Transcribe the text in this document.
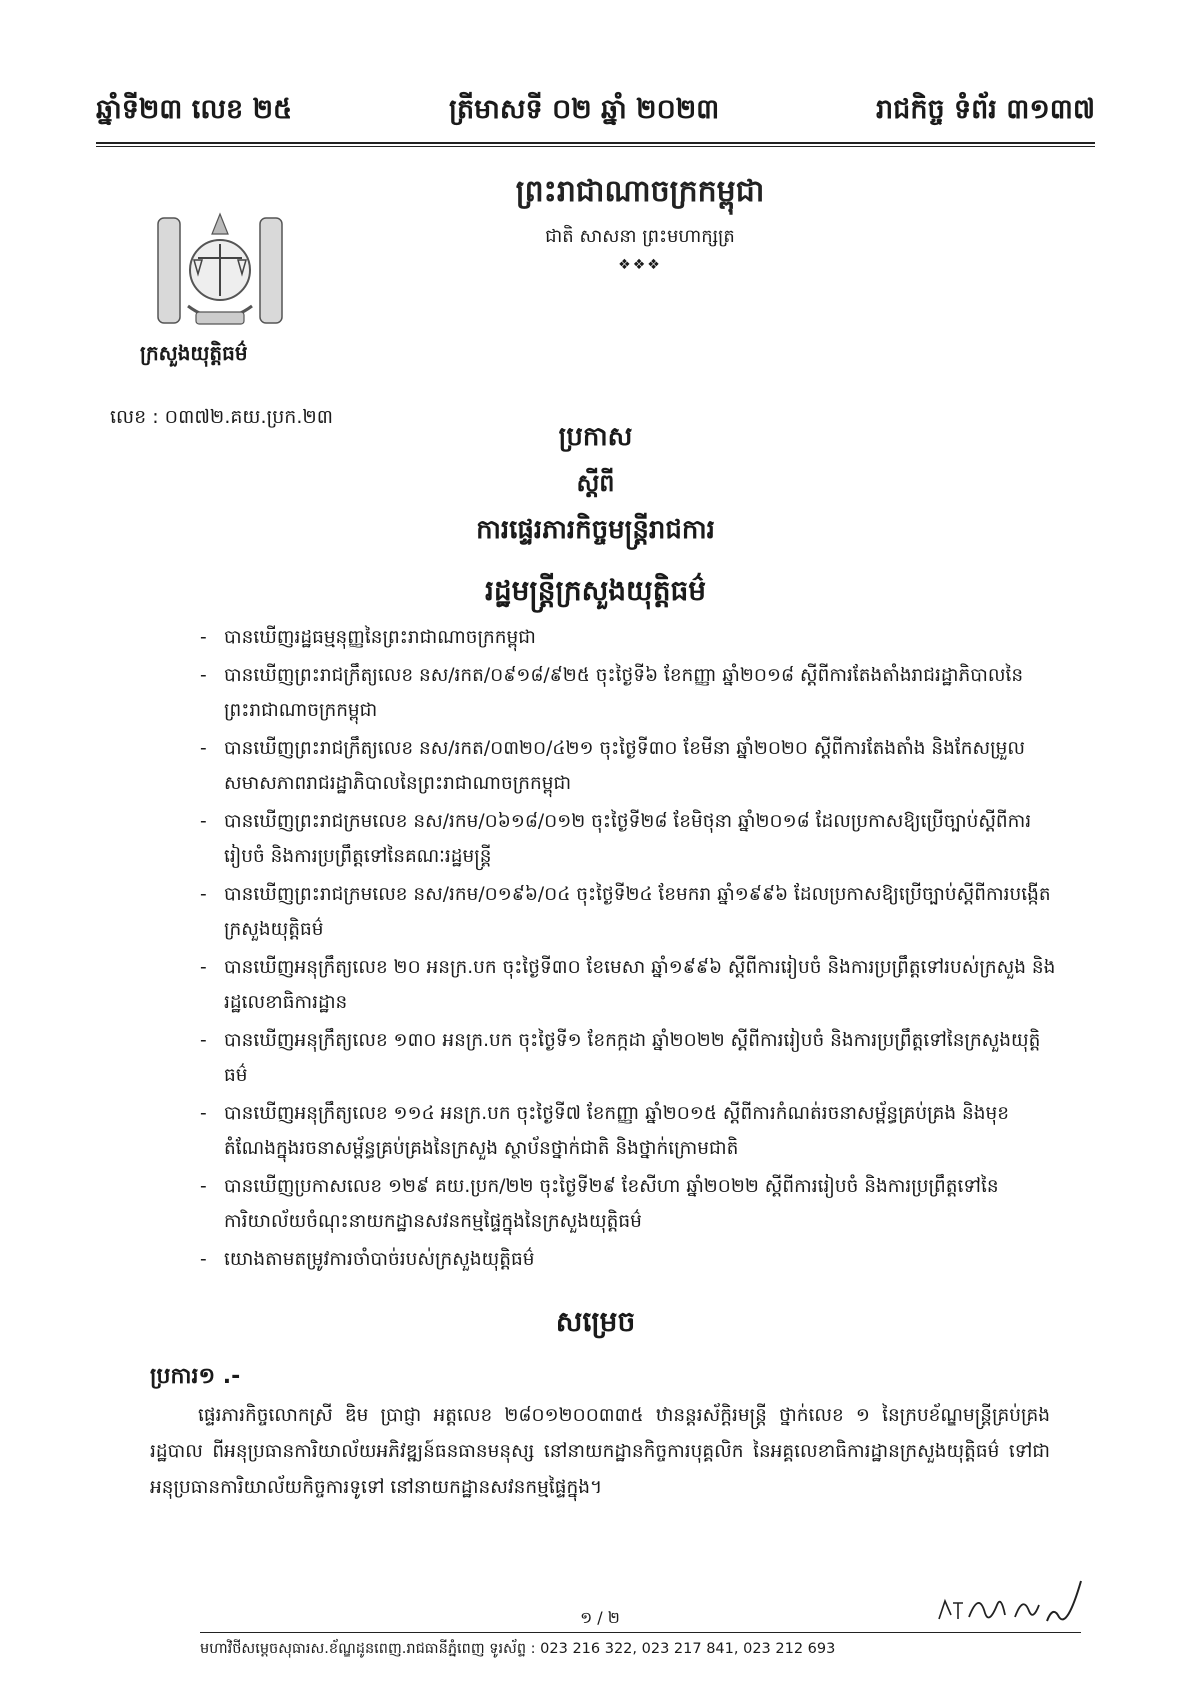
ឆ្នាំទី២៣ លេខ ២៥	ត្រីមាសទី ០២ ឆ្នាំ ២០២៣	រាជកិច្ច ទំព័រ ៣១៣៧
ព្រះរាជាណាចក្រកម្ពុជា
ជាតិ សាសនា ព្រះមហាក្សត្រ
❖❖❖
ក្រសួងយុត្តិធម៌
លេខ : ០៣៧២.គយ.ប្រក.២៣
ប្រកាស
ស្តីពី
ការផ្ទេរភារកិច្ចមន្ត្រីរាជការ
រដ្ឋមន្ត្រីក្រសួងយុត្តិធម៌
- បានឃើញរដ្ឋធម្មនុញ្ញនៃព្រះរាជាណាចក្រកម្ពុជា
- បានឃើញព្រះរាជក្រឹត្យលេខ នស/រកត/០៩១៨/៩២៥ ចុះថ្ងៃទី៦ ខែកញ្ញា ឆ្នាំ២០១៨ ស្តីពីការតែងតាំងរាជរដ្ឋាភិបាលនៃព្រះរាជាណាចក្រកម្ពុជា
- បានឃើញព្រះរាជក្រឹត្យលេខ នស/រកត/០៣២០/៤២១ ចុះថ្ងៃទី៣០ ខែមីនា ឆ្នាំ២០២០ ស្តីពីការតែងតាំង និងកែសម្រួលសមាសភាពរាជរដ្ឋាភិបាលនៃព្រះរាជាណាចក្រកម្ពុជា
- បានឃើញព្រះរាជក្រមលេខ នស/រកម/០៦១៨/០១២ ចុះថ្ងៃទី២៨ ខែមិថុនា ឆ្នាំ២០១៨ ដែលប្រកាសឱ្យប្រើច្បាប់ស្តីពីការរៀបចំ និងការប្រព្រឹត្តទៅនៃគណៈរដ្ឋមន្ត្រី
- បានឃើញព្រះរាជក្រមលេខ នស/រកម/០១៩៦/០៤ ចុះថ្ងៃទី២៤ ខែមករា ឆ្នាំ១៩៩៦ ដែលប្រកាសឱ្យប្រើច្បាប់ស្តីពីការបង្កើតក្រសួងយុត្តិធម៌
- បានឃើញអនុក្រឹត្យលេខ ២០ អនក្រ.បក ចុះថ្ងៃទី៣០ ខែមេសា ឆ្នាំ១៩៩៦ ស្តីពីការរៀបចំ និងការប្រព្រឹត្តទៅរបស់ក្រសួង និងរដ្ឋលេខាធិការដ្ឋាន
- បានឃើញអនុក្រឹត្យលេខ ១៣០ អនក្រ.បក ចុះថ្ងៃទី១ ខែកក្កដា ឆ្នាំ២០២២ ស្តីពីការរៀបចំ និងការប្រព្រឹត្តទៅនៃក្រសួងយុត្តិធម៌
- បានឃើញអនុក្រឹត្យលេខ ១១៤ អនក្រ.បក ចុះថ្ងៃទី៧ ខែកញ្ញា ឆ្នាំ២០១៥ ស្តីពីការកំណត់រចនាសម្ព័ន្ធគ្រប់គ្រង និងមុខតំណែងក្នុងរចនាសម្ព័ន្ធគ្រប់គ្រងនៃក្រសួង ស្ថាប័នថ្នាក់ជាតិ និងថ្នាក់ក្រោមជាតិ
- បានឃើញប្រកាសលេខ ១២៩ គយ.ប្រក/២២ ចុះថ្ងៃទី២៩ ខែសីហា ឆ្នាំ២០២២ ស្តីពីការរៀបចំ និងការប្រព្រឹត្តទៅនៃការិយាល័យចំណុះនាយកដ្ឋានសវនកម្មផ្ទៃក្នុងនៃក្រសួងយុត្តិធម៌
- យោងតាមតម្រូវការចាំបាច់របស់ក្រសួងយុត្តិធម៌
សម្រេច
ប្រការ១ .-
ផ្ទេរភារកិច្ចលោកស្រី ឌិម ប្រាជ្ញា អត្តលេខ ២៨០១២០០៣៣៥ ឋានន្តរស័ក្តិរមន្ត្រី ថ្នាក់លេខ ១ នៃក្របខ័ណ្ឌមន្ត្រីគ្រប់គ្រងរដ្ឋបាល ពីអនុប្រធានការិយាល័យអភិវឌ្ឍន៍ធនធានមនុស្ស នៅនាយកដ្ឋានកិច្ចការបុគ្គលិក នៃអគ្គលេខាធិការដ្ឋានក្រសួងយុត្តិធម៌ ទៅជាអនុប្រធានការិយាល័យកិច្ចការទូទៅ នៅនាយកដ្ឋានសវនកម្មផ្ទៃក្នុង។
១ / ២
មហាវិថីសម្តេចសុធារស.ខ័ណ្ឌដូនពេញ.រាជធានីភ្នំពេញ ទូរស័ព្ទ : 023 216 322, 023 217 841, 023 212 693
